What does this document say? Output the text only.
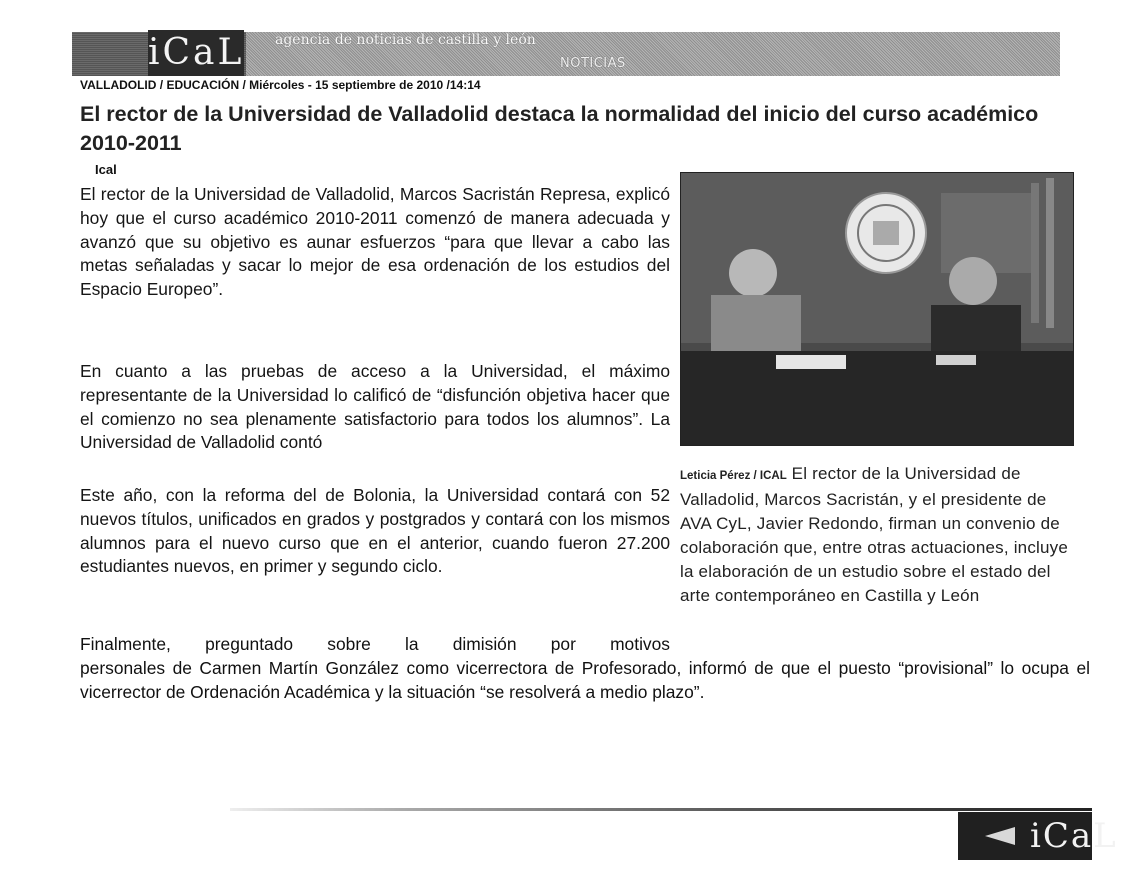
iCaL agencia de noticias de castilla y león
NOTICIAS
VALLADOLID / EDUCACIÓN / Miércoles - 15 septiembre de 2010 /14:14
El rector de la Universidad de Valladolid destaca la normalidad del inicio del curso académico 2010-2011
Ical
El rector de la Universidad de Valladolid, Marcos Sacristán Represa, explicó hoy que el curso académico 2010-2011 comenzó de manera adecuada y avanzó que su objetivo es aunar esfuerzos “para que llevar a cabo las metas señaladas y sacar lo mejor de esa ordenación de los estudios del Espacio Europeo”.
En cuanto a las pruebas de acceso a la Universidad, el máximo representante de la Universidad lo calificó de “disfunción objetiva hacer que el comienzo no sea plenamente satisfactorio para todos los alumnos”. La Universidad de Valladolid contó
Este año, con la reforma del de Bolonia, la Universidad contará con 52 nuevos títulos, unificados en grados y postgrados y contará con los mismos alumnos para el nuevo curso que en el anterior, cuando fueron 27.200 estudiantes nuevos, en primer y segundo ciclo.
Finalmente, preguntado sobre la dimisión por motivos
personales de Carmen Martín González como vicerrectora de Profesorado, informó de que el puesto “provisional” lo ocupa el vicerrector de Ordenación Académica y la situación “se resolverá a medio plazo”.
Leticia Pérez / ICAL El rector de la Universidad de Valladolid, Marcos Sacristán, y el presidente de AVA CyL, Javier Redondo, firman un convenio de colaboración que, entre otras actuaciones, incluye la elaboración de un estudio sobre el estado del arte contemporáneo en Castilla y León
iCaL
